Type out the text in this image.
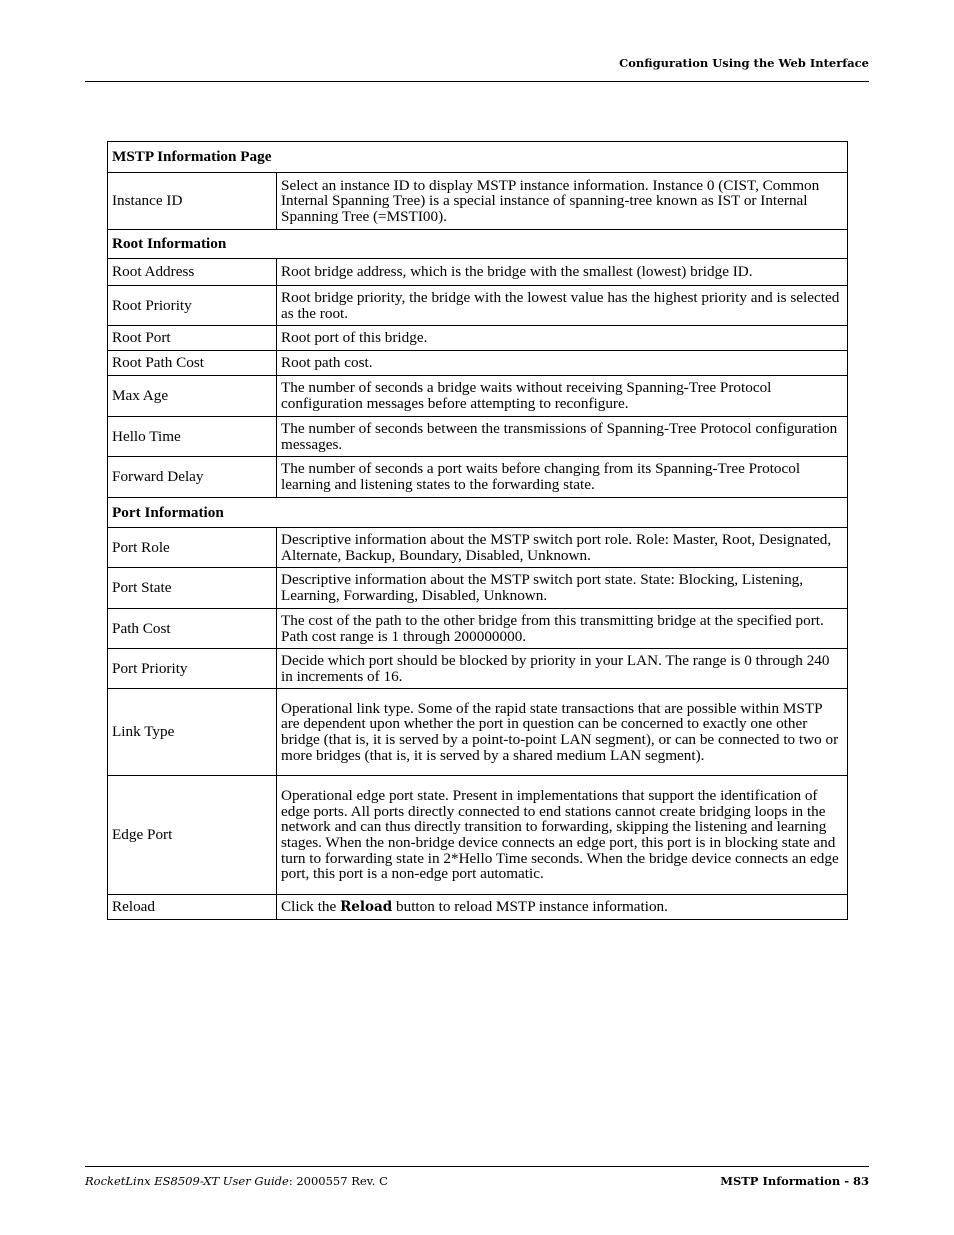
Configuration Using the Web Interface
MSTP Information Page	
Instance ID	Select an instance ID to display MSTP instance information. Instance 0 (CIST, Common Internal Spanning Tree) is a special instance of spanning-tree known as IST or Internal Spanning Tree (=MSTI00).
Root Information	
Root Address	Root bridge address, which is the bridge with the smallest (lowest) bridge ID.
Root Priority	Root bridge priority, the bridge with the lowest value has the highest priority and is selected as the root.
Root Port	Root port of this bridge.
Root Path Cost	Root path cost.
Max Age	The number of seconds a bridge waits without receiving Spanning-Tree Protocol configuration messages before attempting to reconfigure.
Hello Time	The number of seconds between the transmissions of Spanning-Tree Protocol configuration messages.
Forward Delay	The number of seconds a port waits before changing from its Spanning-Tree Protocol learning and listening states to the forwarding state.
Port Information	
Port Role	Descriptive information about the MSTP switch port role. Role: Master, Root, Designated, Alternate, Backup, Boundary, Disabled, Unknown.
Port State	Descriptive information about the MSTP switch port state. State: Blocking, Listening, Learning, Forwarding, Disabled, Unknown.
Path Cost	The cost of the path to the other bridge from this transmitting bridge at the specified port. Path cost range is 1 through 200000000.
Port Priority	Decide which port should be blocked by priority in your LAN. The range is 0 through 240 in increments of 16.
Link Type	Operational link type. Some of the rapid state transactions that are possible within MSTP are dependent upon whether the port in question can be concerned to exactly one other bridge (that is, it is served by a point-to-point LAN segment), or can be connected to two or more bridges (that is, it is served by a shared medium LAN segment).
Edge Port	Operational edge port state. Present in implementations that support the identification of edge ports. All ports directly connected to end stations cannot create bridging loops in the network and can thus directly transition to forwarding, skipping the listening and learning stages. When the non-bridge device connects an edge port, this port is in blocking state and turn to forwarding state in 2*Hello Time seconds. When the bridge device connects an edge port, this port is a non-edge port automatic.
Reload	Click the Reload button to reload MSTP instance information.
RocketLinx ES8509-XT User Guide: 2000557 Rev. C	MSTP Information - 83
